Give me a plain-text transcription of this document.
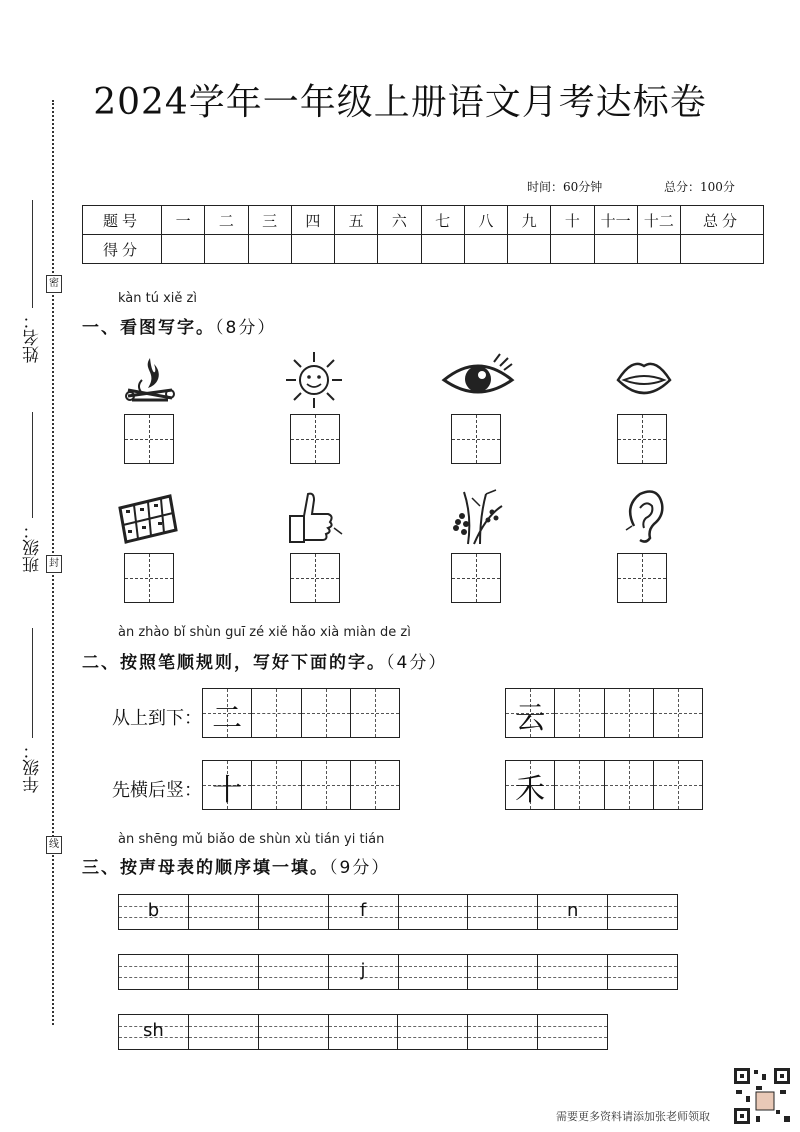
2024学年一年级上册语文月考达标卷
时间：60分钟	总分：100分
题号	一	二	三	四	五	六	七	八	九	十	十一	十二	总分
得分													
姓名：
班级：
年级：
密
封
线
kàn tú xiě zì
一、看图写字。（8分）
àn zhào bǐ shùn guī zé xiě hǎo xià miàn de zì
二、按照笔顺规则，写好下面的字。（4分）
从上到下： 二	云
先横后竖： 十	禾
àn shēng mǔ biǎo de shùn xù tián yi tián
三、按声母表的顺序填一填。（9分）
b	f	n
j
sh
需要更多资料请添加张老师领取
